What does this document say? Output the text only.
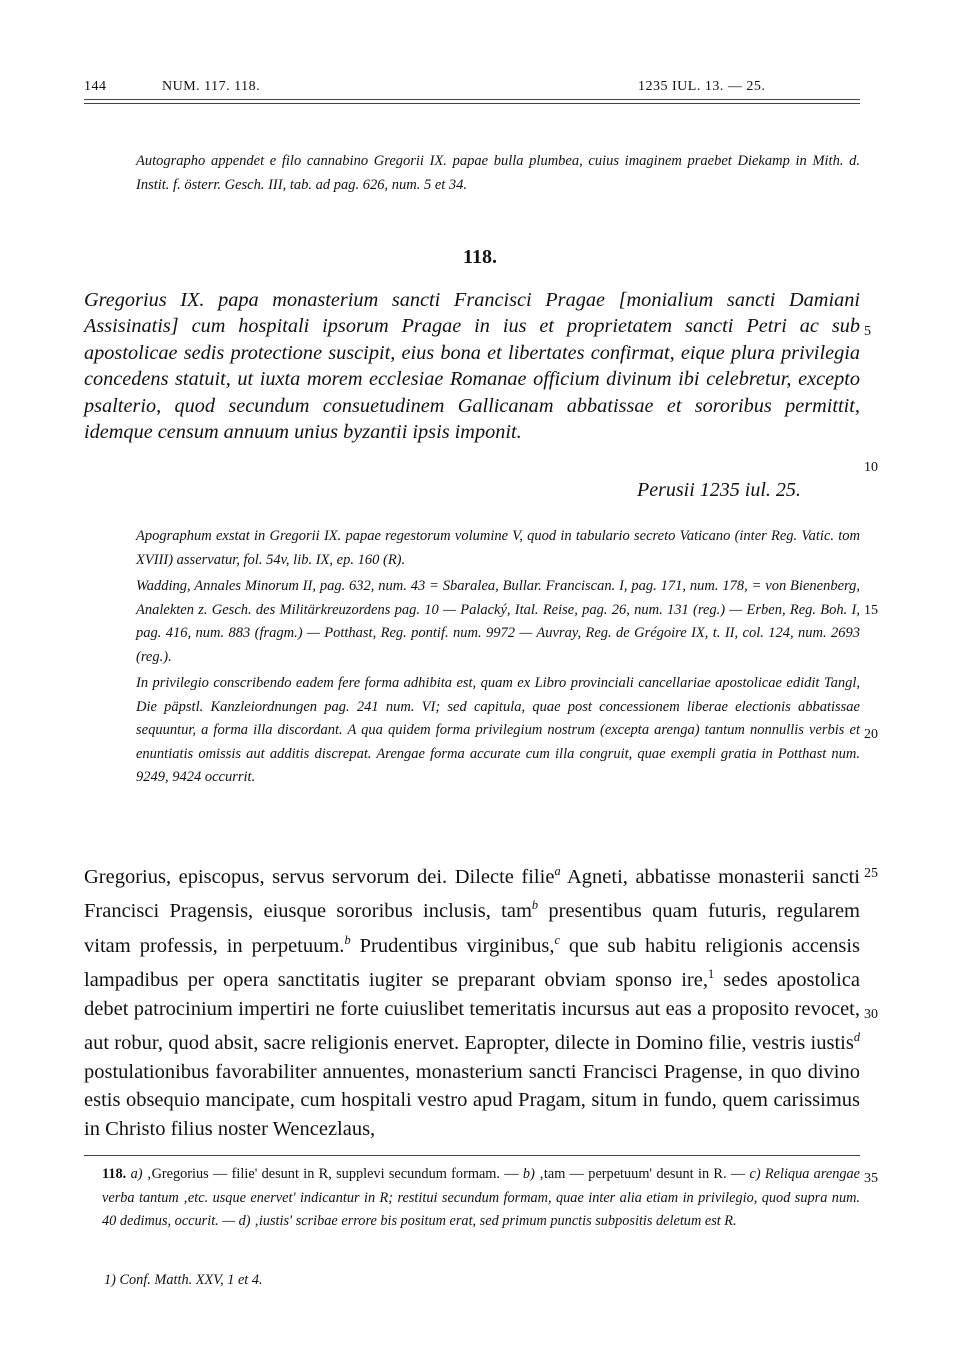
144	NUM. 117. 118.	1235 IUL. 13. — 25.
Autographo appendet e filo cannabino Gregorii IX. papae bulla plumbea, cuius imaginem praebet Diekamp in Mith. d. Instit. f. österr. Gesch. III, tab. ad pag. 626, num. 5 et 34.
118.
Gregorius IX. papa monasterium sancti Francisci Pragae [monialium sancti Damiani Assisinatis] cum hospitali ipsorum Pragae in ius et proprietatem sancti Petri ac sub apostolicae sedis protectione suscipit, eius bona et libertates confirmat, eique plura privilegia concedens statuit, ut iuxta morem ecclesiae Romanae officium divinum ibi celebretur, excepto psalterio, quod secundum consuetudinem Gallicanam abbatissae et sororibus permittit, idemque censum annuum unius byzantii ipsis imponit.
Perusii 1235 iul. 25.

Apographum exstat in Gregorii IX. papae regestorum volumine V, quod in tabulario secreto Vaticano (inter Reg. Vatic. tom XVIII) asservatur, fol. 54v, lib. IX, ep. 160 (R).

Wadding, Annales Minorum II, pag. 632, num. 43 = Sbaralea, Bullar. Franciscan. I, pag. 171, num. 178, = von Bienenberg, Analekten z. Gesch. des Militärkreuzordens pag. 10 — Palacký, Ital. Reise, pag. 26, num. 131 (reg.) — Erben, Reg. Boh. I, pag. 416, num. 883 (fragm.) — Potthast, Reg. pontif. num. 9972 — Auvray, Reg. de Grégoire IX, t. II, col. 124, num. 2693 (reg.).

In privilegio conscribendo eadem fere forma adhibita est, quam ex Libro provinciali cancellariae apostolicae edidit Tangl, Die päpstl. Kanzleiordnungen pag. 241 num. VI; sed capitula, quae post concessionem liberae electionis abbatissae sequuntur, a forma illa discordant. A qua quidem forma privilegium nostrum (excepta arenga) tantum nonnullis verbis et enuntiatis omissis aut additis discrepat. Arengae forma accurate cum illa congruit, quae exempli gratia in Potthast num. 9249, 9424 occurrit.

Gregorius, episcopus, servus servorum dei. Dilecte filie$^a$ Agneti, abbatisse monasterii sancti Francisci Pragensis, eiusque sororibus inclusis, tam$^b$ presentibus quam futuris, regularem vitam professis, in perpetuum.$^b$ Prudentibus virginibus,$^c$ que sub habitu religionis accensis lampadibus per opera sanctitatis iugiter se preparant obviam sponso ire,$^1$ sedes apostolica debet patrocinium impertiri ne forte cuiuslibet temeritatis incursus aut eas a proposito revocet, aut robur, quod absit, sacre religionis enervet. Eapropter, dilecte in Domino filie, vestris iustis$^d$ postulationibus favorabiliter annuentes, monasterium sancti Francisci Pragense, in quo divino estis obsequio mancipate, cum hospitali vestro apud Pragam, situm in fundo, quem carissimus in Christo filius noster Wencezlaus,
5
10
15
20
25
30
35
118. a) ‚Gregorius — filie' desunt in R, supplevi secundum formam. — b) ‚tam — perpetuum' desunt in R. — c) Reliqua arengae verba tantum ‚etc. usque enervet' indicantur in R; restitui secundum formam, quae inter alia etiam in privilegio, quod supra num. 40 dedimus, occurit. — d) ‚iustis' scribae errore bis positum erat, sed primum punctis subpositis deletum est R.
1) Conf. Matth. XXV, 1 et 4.
